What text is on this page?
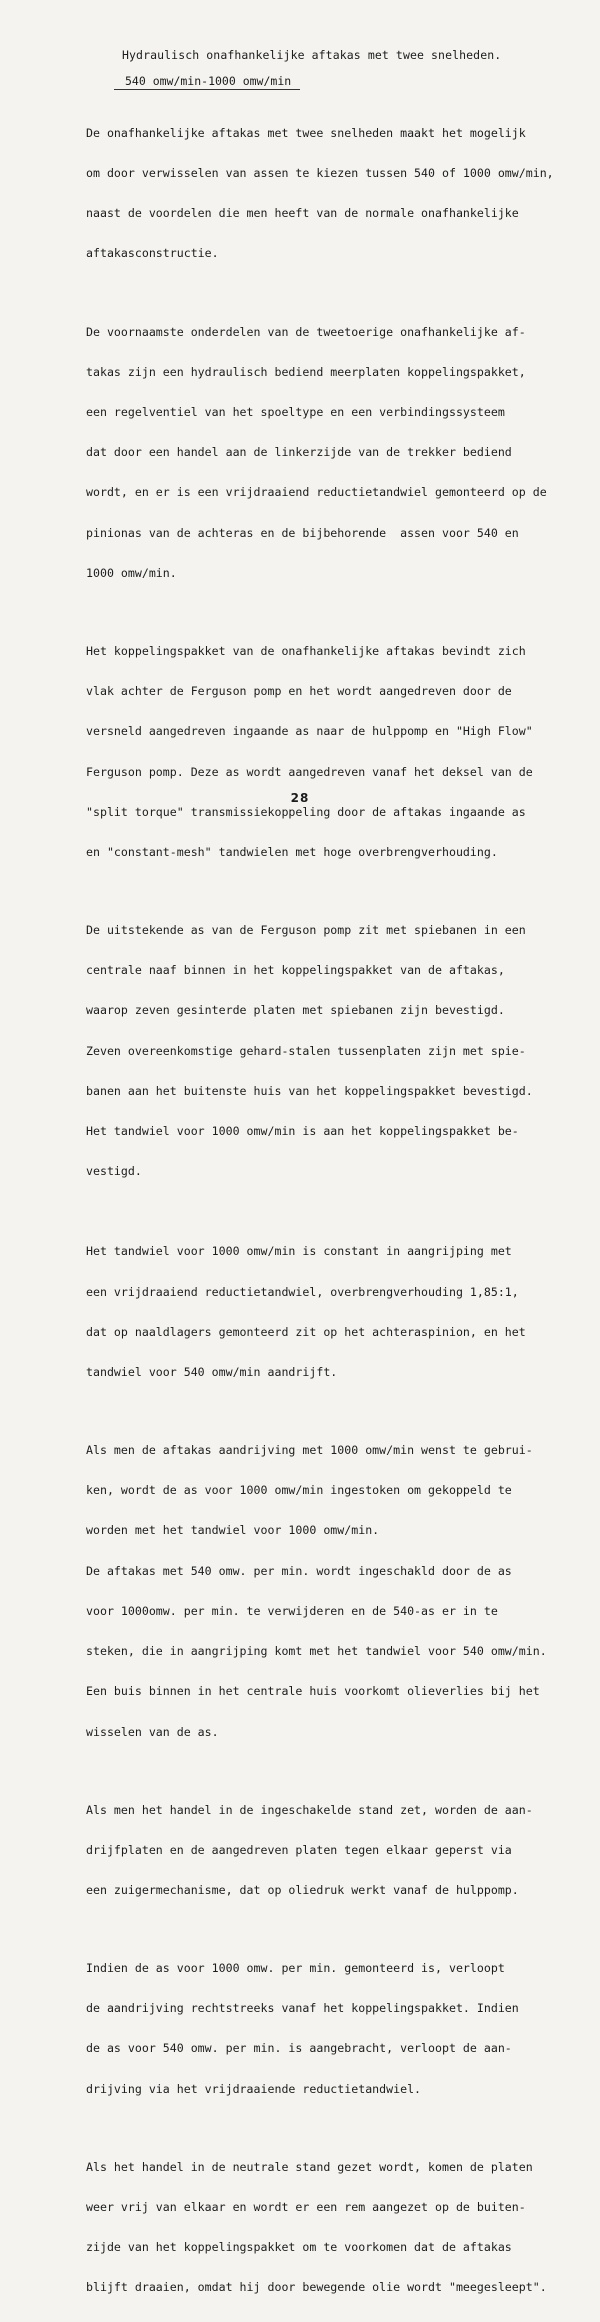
Hydraulisch onafhankelijke aftakas met twee snelheden.
540 omw/min-1000 omw/min

De onafhankelijke aftakas met twee snelheden maakt het mogelijk

om door verwisselen van assen te kiezen tussen 540 of 1000 omw/min,

naast de voordelen die men heeft van de normale onafhankelijke

aftakasconstructie.

De voornaamste onderdelen van de tweetoerige onafhankelijke af-

takas zijn een hydraulisch bediend meerplaten koppelingspakket,

een regelventiel van het spoeltype en een verbindingssysteem

dat door een handel aan de linkerzijde van de trekker bediend

wordt, en er is een vrijdraaiend reductietandwiel gemonteerd op de

pinionas van de achteras en de bijbehorende  assen voor 540 en

1000 omw/min.

Het koppelingspakket van de onafhankelijke aftakas bevindt zich

vlak achter de Ferguson pomp en het wordt aangedreven door de

versneld aangedreven ingaande as naar de hulppomp en "High Flow"

Ferguson pomp. Deze as wordt aangedreven vanaf het deksel van de

"split torque" transmissiekoppeling door de aftakas ingaande as

en "constant-mesh" tandwielen met hoge overbrengverhouding.

De uitstekende as van de Ferguson pomp zit met spiebanen in een

centrale naaf binnen in het koppelingspakket van de aftakas,

waarop zeven gesinterde platen met spiebanen zijn bevestigd.

Zeven overeenkomstige gehard-stalen tussenplaten zijn met spie-

banen aan het buitenste huis van het koppelingspakket bevestigd.

Het tandwiel voor 1000 omw/min is aan het koppelingspakket be-

vestigd.

Het tandwiel voor 1000 omw/min is constant in aangrijping met

een vrijdraaiend reductietandwiel, overbrengverhouding 1,85:1,

dat op naaldlagers gemonteerd zit op het achteraspinion, en het

tandwiel voor 540 omw/min aandrijft.

Als men de aftakas aandrijving met 1000 omw/min wenst te gebrui-

ken, wordt de as voor 1000 omw/min ingestoken om gekoppeld te

worden met het tandwiel voor 1000 omw/min.

De aftakas met 540 omw. per min. wordt ingeschakld door de as

voor 1000omw. per min. te verwijderen en de 540-as er in te

steken, die in aangrijping komt met het tandwiel voor 540 omw/min.

Een buis binnen in het centrale huis voorkomt olieverlies bij het

wisselen van de as.

Als men het handel in de ingeschakelde stand zet, worden de aan-

drijfplaten en de aangedreven platen tegen elkaar geperst via

een zuigermechanisme, dat op oliedruk werkt vanaf de hulppomp.

Indien de as voor 1000 omw. per min. gemonteerd is, verloopt

de aandrijving rechtstreeks vanaf het koppelingspakket. Indien

de as voor 540 omw. per min. is aangebracht, verloopt de aan-

drijving via het vrijdraaiende reductietandwiel.

Als het handel in de neutrale stand gezet wordt, komen de platen

weer vrij van elkaar en wordt er een rem aangezet op de buiten-

zijde van het koppelingspakket om te voorkomen dat de aftakas

blijft draaien, omdat hij door bewegende olie wordt "meegesleept".

28
